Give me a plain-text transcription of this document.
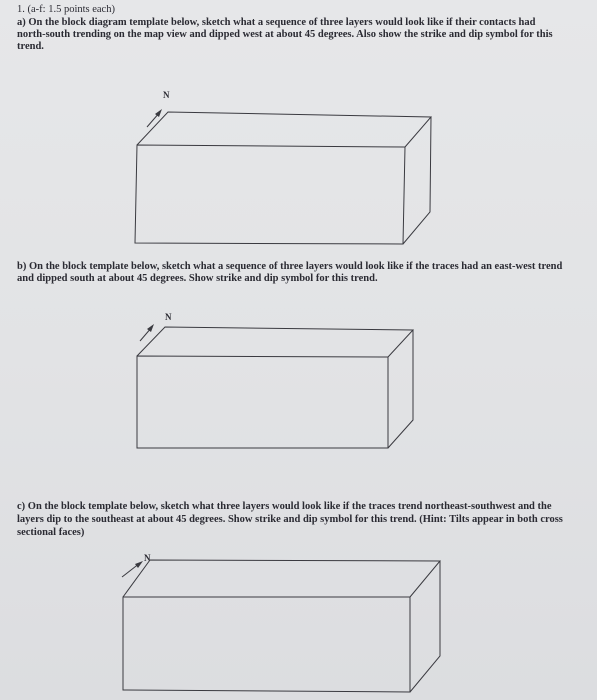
1. (a-f: 1.5 points each)
a) On the block diagram template below, sketch what a sequence of three layers would look like if their contacts had
north-south trending on the map view and dipped west at about 45 degrees. Also show the strike and dip symbol for this
trend.
N
b) On the block template below, sketch what a sequence of three layers would look like if the traces had an east-west trend
and dipped south at about 45 degrees. Show strike and dip symbol for this trend.
N
c) On the block template below, sketch what three layers would look like if the traces trend northeast-southwest and the
layers dip to the southeast at about 45 degrees. Show strike and dip symbol for this trend. (Hint: Tilts appear in both cross
sectional faces)
N
